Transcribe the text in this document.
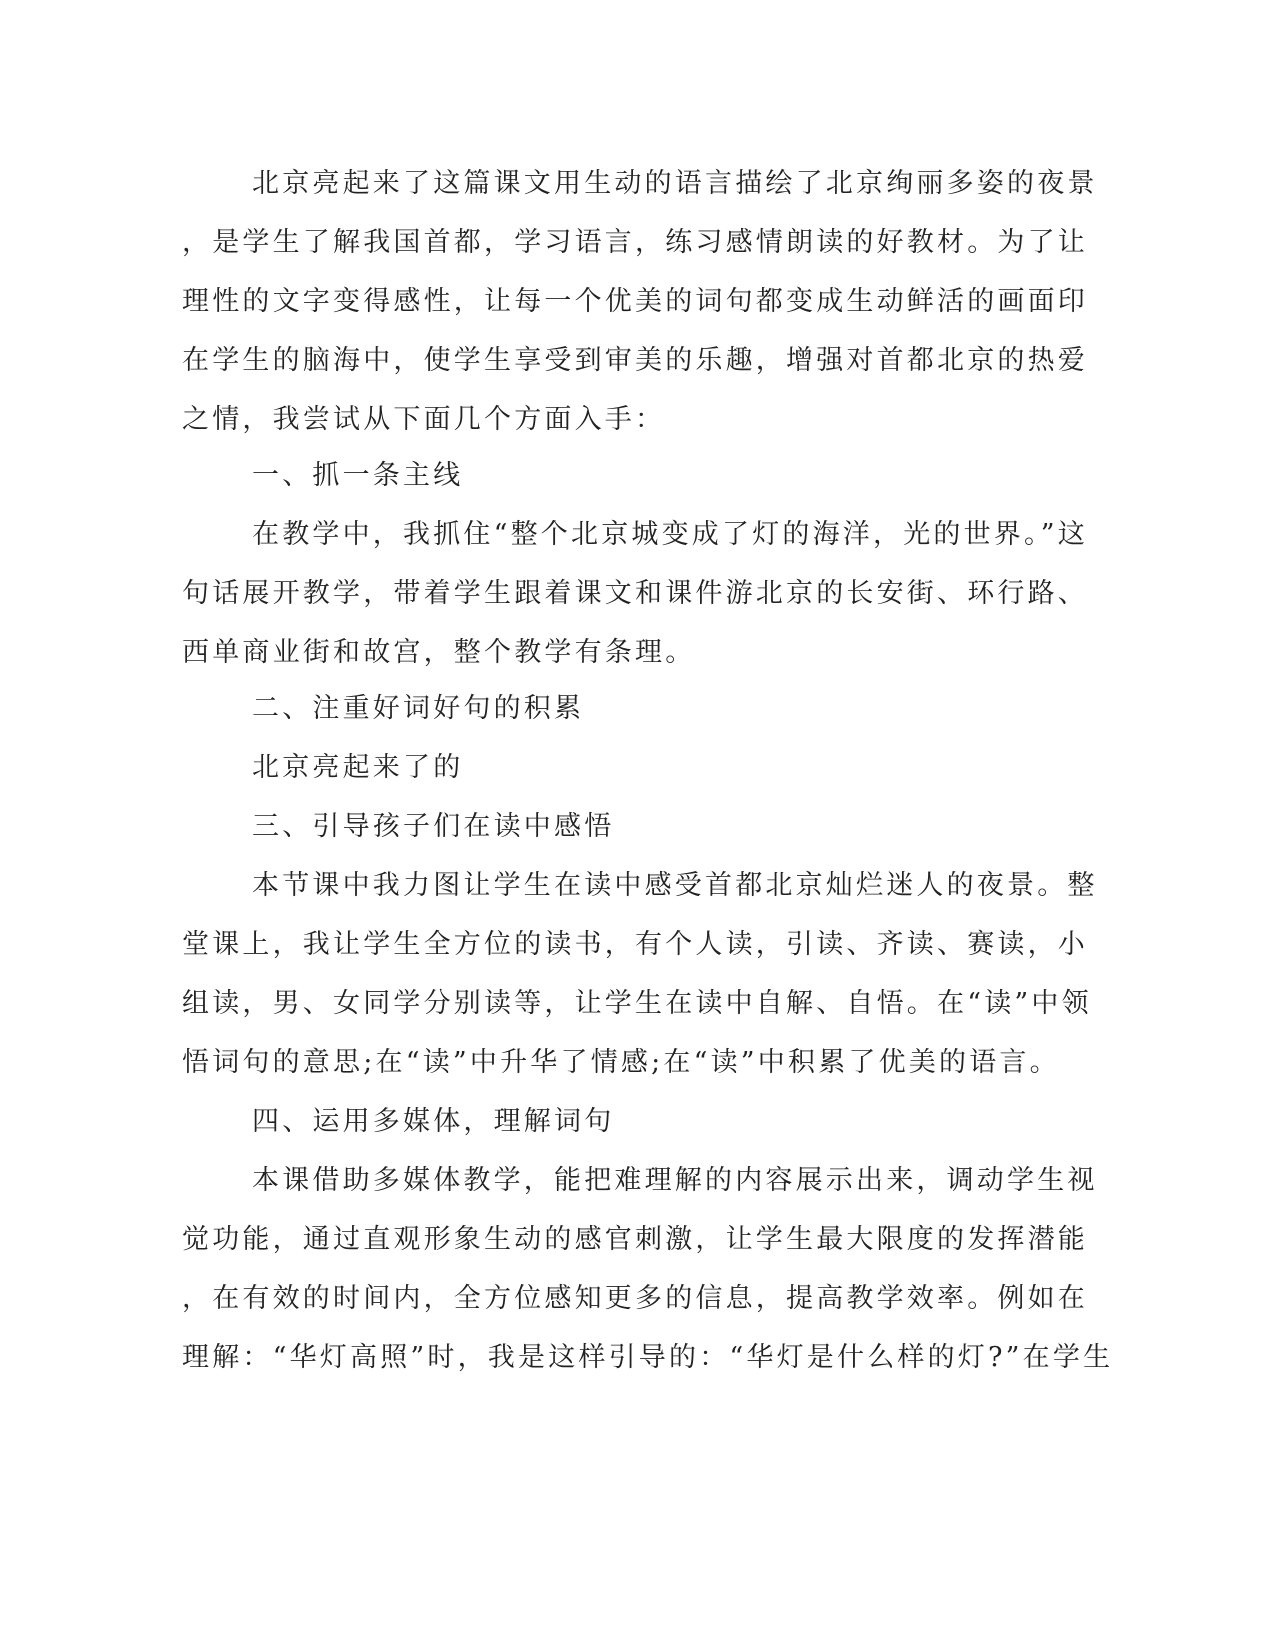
北京亮起来了这篇课文用生动的语言描绘了北京绚丽多姿的夜景
，是学生了解我国首都，学习语言，练习感情朗读的好教材。为了让
理性的文字变得感性，让每一个优美的词句都变成生动鲜活的画面印
在学生的脑海中，使学生享受到审美的乐趣，增强对首都北京的热爱
之情，我尝试从下面几个方面入手：
一、抓一条主线
在教学中，我抓住“整个北京城变成了灯的海洋，光的世界。”这
句话展开教学，带着学生跟着课文和课件游北京的长安街、环行路、
西单商业街和故宫，整个教学有条理。
二、注重好词好句的积累
北京亮起来了的
三、引导孩子们在读中感悟
本节课中我力图让学生在读中感受首都北京灿烂迷人的夜景。整
堂课上，我让学生全方位的读书，有个人读，引读、齐读、赛读，小
组读，男、女同学分别读等，让学生在读中自解、自悟。在“读”中领
悟词句的意思;在“读”中升华了情感;在“读”中积累了优美的语言。
四、运用多媒体，理解词句
本课借助多媒体教学，能把难理解的内容展示出来，调动学生视
觉功能，通过直观形象生动的感官刺激，让学生最大限度的发挥潜能
，在有效的时间内，全方位感知更多的信息，提高教学效率。例如在
理解：“华灯高照”时，我是这样引导的：“华灯是什么样的灯?”在学生
